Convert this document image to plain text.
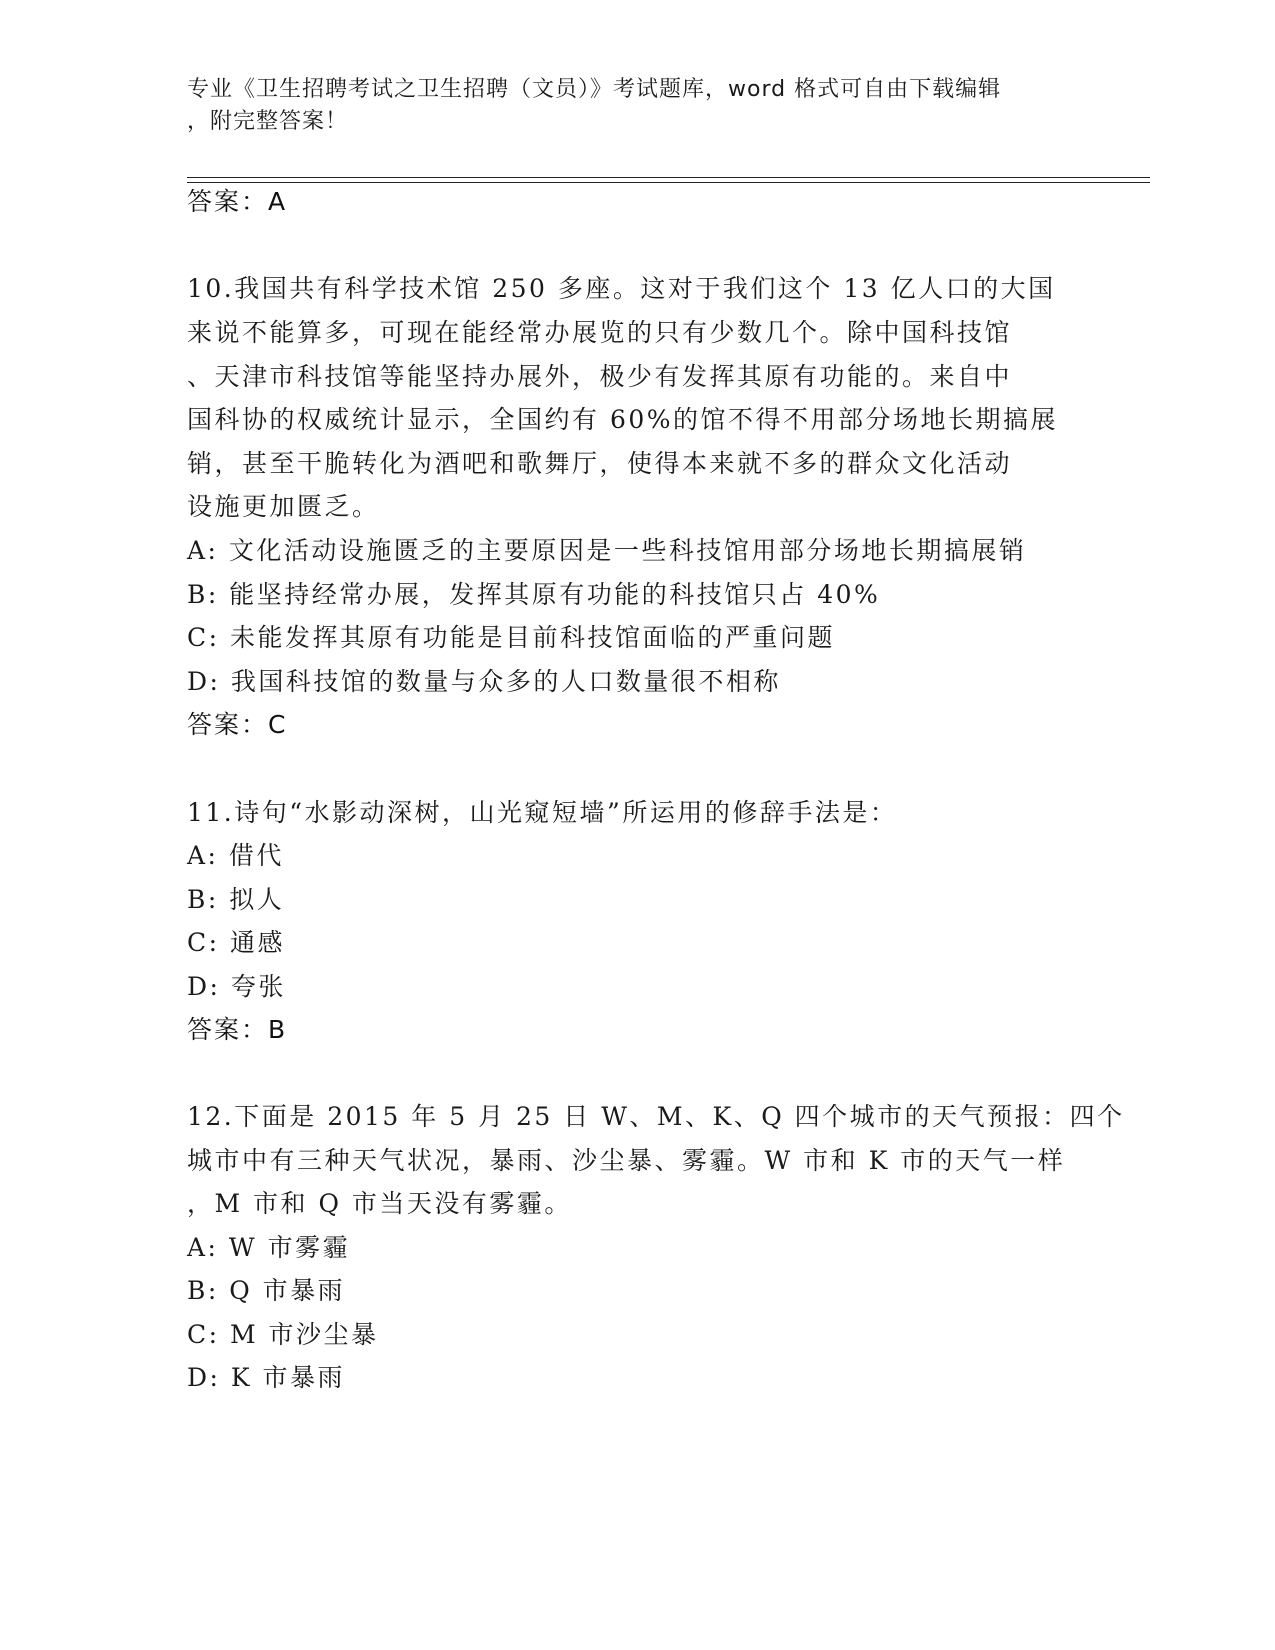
专业《卫生招聘考试之卫生招聘（文员）》考试题库，word 格式可自由下载编辑
，附完整答案！
答案：A
10.我国共有科学技术馆 250 多座。这对于我们这个 13 亿人口的大国
来说不能算多，可现在能经常办展览的只有少数几个。除中国科技馆
、天津市科技馆等能坚持办展外，极少有发挥其原有功能的。来自中
国科协的权威统计显示，全国约有 60%的馆不得不用部分场地长期搞展
销，甚至干脆转化为酒吧和歌舞厅，使得本来就不多的群众文化活动
设施更加匮乏。
A: 文化活动设施匮乏的主要原因是一些科技馆用部分场地长期搞展销
B: 能坚持经常办展，发挥其原有功能的科技馆只占 40%
C: 未能发挥其原有功能是目前科技馆面临的严重问题
D: 我国科技馆的数量与众多的人口数量很不相称
答案：C
11.诗句“水影动深树，山光窥短墙”所运用的修辞手法是：
A: 借代
B: 拟人
C: 通感
D: 夸张
答案：B
12.下面是 2015 年 5 月 25 日 W、M、K、Q 四个城市的天气预报：四个
城市中有三种天气状况，暴雨、沙尘暴、雾霾。W 市和 K 市的天气一样
，M 市和 Q 市当天没有雾霾。
A: W 市雾霾
B: Q 市暴雨
C: M 市沙尘暴
D: K 市暴雨
